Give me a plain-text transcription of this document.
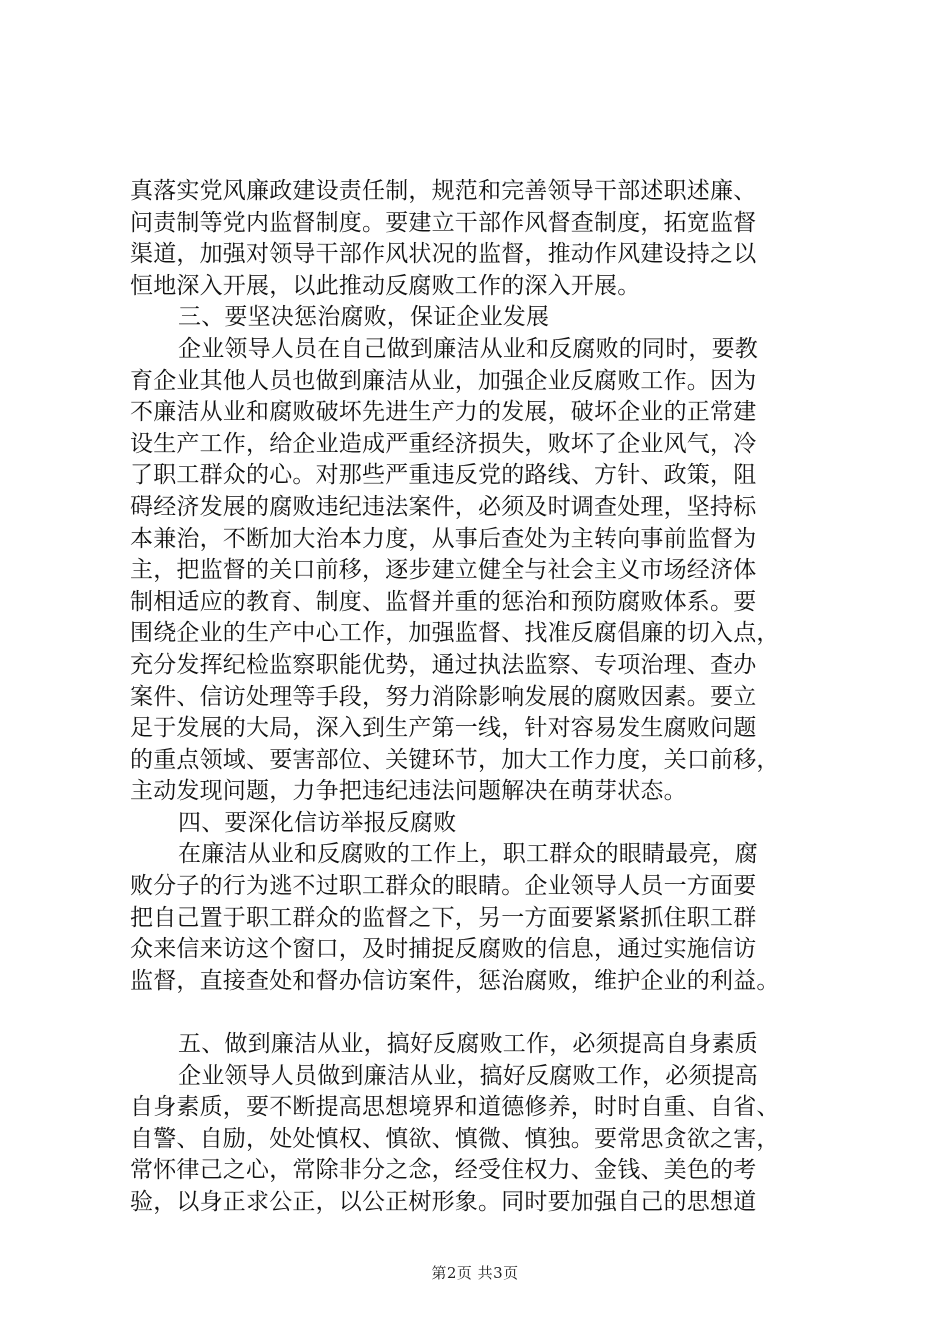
真落实党风廉政建设责任制，规范和完善领导干部述职述廉、
问责制等党内监督制度。要建立干部作风督查制度，拓宽监督
渠道，加强对领导干部作风状况的监督，推动作风建设持之以
恒地深入开展，以此推动反腐败工作的深入开展。
三、要坚决惩治腐败，保证企业发展
企业领导人员在自己做到廉洁从业和反腐败的同时，要教
育企业其他人员也做到廉洁从业，加强企业反腐败工作。因为
不廉洁从业和腐败破坏先进生产力的发展，破坏企业的正常建
设生产工作，给企业造成严重经济损失，败坏了企业风气，冷
了职工群众的心。对那些严重违反党的路线、方针、政策，阻
碍经济发展的腐败违纪违法案件，必须及时调查处理，坚持标
本兼治，不断加大治本力度，从事后查处为主转向事前监督为
主，把监督的关口前移，逐步建立健全与社会主义市场经济体
制相适应的教育、制度、监督并重的惩治和预防腐败体系。要
围绕企业的生产中心工作，加强监督、找准反腐倡廉的切入点，
充分发挥纪检监察职能优势，通过执法监察、专项治理、查办
案件、信访处理等手段，努力消除影响发展的腐败因素。要立
足于发展的大局，深入到生产第一线，针对容易发生腐败问题
的重点领域、要害部位、关键环节，加大工作力度，关口前移，
主动发现问题，力争把违纪违法问题解决在萌芽状态。
四、要深化信访举报反腐败
在廉洁从业和反腐败的工作上，职工群众的眼睛最亮，腐
败分子的行为逃不过职工群众的眼睛。企业领导人员一方面要
把自己置于职工群众的监督之下，另一方面要紧紧抓住职工群
众来信来访这个窗口，及时捕捉反腐败的信息，通过实施信访
监督，直接查处和督办信访案件，惩治腐败，维护企业的利益。
五、做到廉洁从业，搞好反腐败工作，必须提高自身素质
企业领导人员做到廉洁从业，搞好反腐败工作，必须提高
自身素质，要不断提高思想境界和道德修养，时时自重、自省、
自警、自励，处处慎权、慎欲、慎微、慎独。要常思贪欲之害，
常怀律己之心，常除非分之念，经受住权力、金钱、美色的考
验，以身正求公正，以公正树形象。同时要加强自己的思想道
第2页 共3页
